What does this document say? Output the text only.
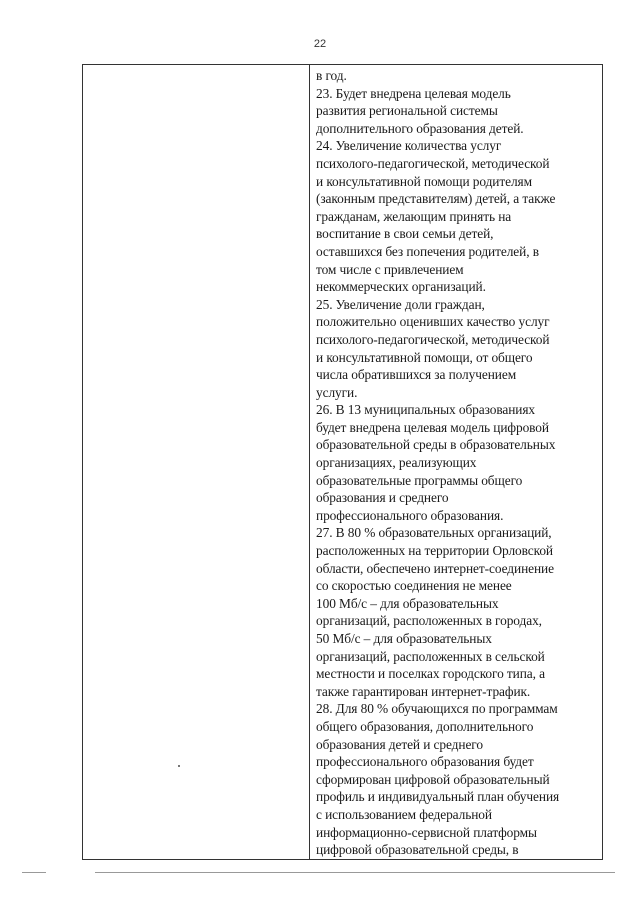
22

в год.
23. Будет внедрена целевая модель
развития региональной системы
дополнительного образования детей.
24. Увеличение количества услуг
психолого-педагогической, методической
и консультативной помощи родителям
(законным представителям) детей, а также
гражданам, желающим принять на
воспитание в свои семьи детей,
оставшихся без попечения родителей, в
том числе с привлечением
некоммерческих организаций.
25. Увеличение доли граждан,
положительно оценивших качество услуг
психолого-педагогической, методической
и консультативной помощи, от общего
числа обратившихся за получением
услуги.
26. В 13 муниципальных образованиях
будет внедрена целевая модель цифровой
образовательной среды в образовательных
организациях, реализующих
образовательные программы общего
образования и среднего
профессионального образования.
27. В 80 % образовательных организаций,
расположенных на территории Орловской
области, обеспечено интернет-соединение
со скоростью соединения не менее
100 Мб/с – для образовательных
организаций, расположенных в городах,
50 Мб/с – для образовательных
организаций, расположенных в сельской
местности и поселках городского типа, а
также гарантирован интернет-трафик.
28. Для 80 % обучающихся по программам
общего образования, дополнительного
образования детей и среднего
профессионального образования будет
сформирован цифровой образовательный
профиль и индивидуальный план обучения
с использованием федеральной
информационно-сервисной платформы
цифровой образовательной среды, в
